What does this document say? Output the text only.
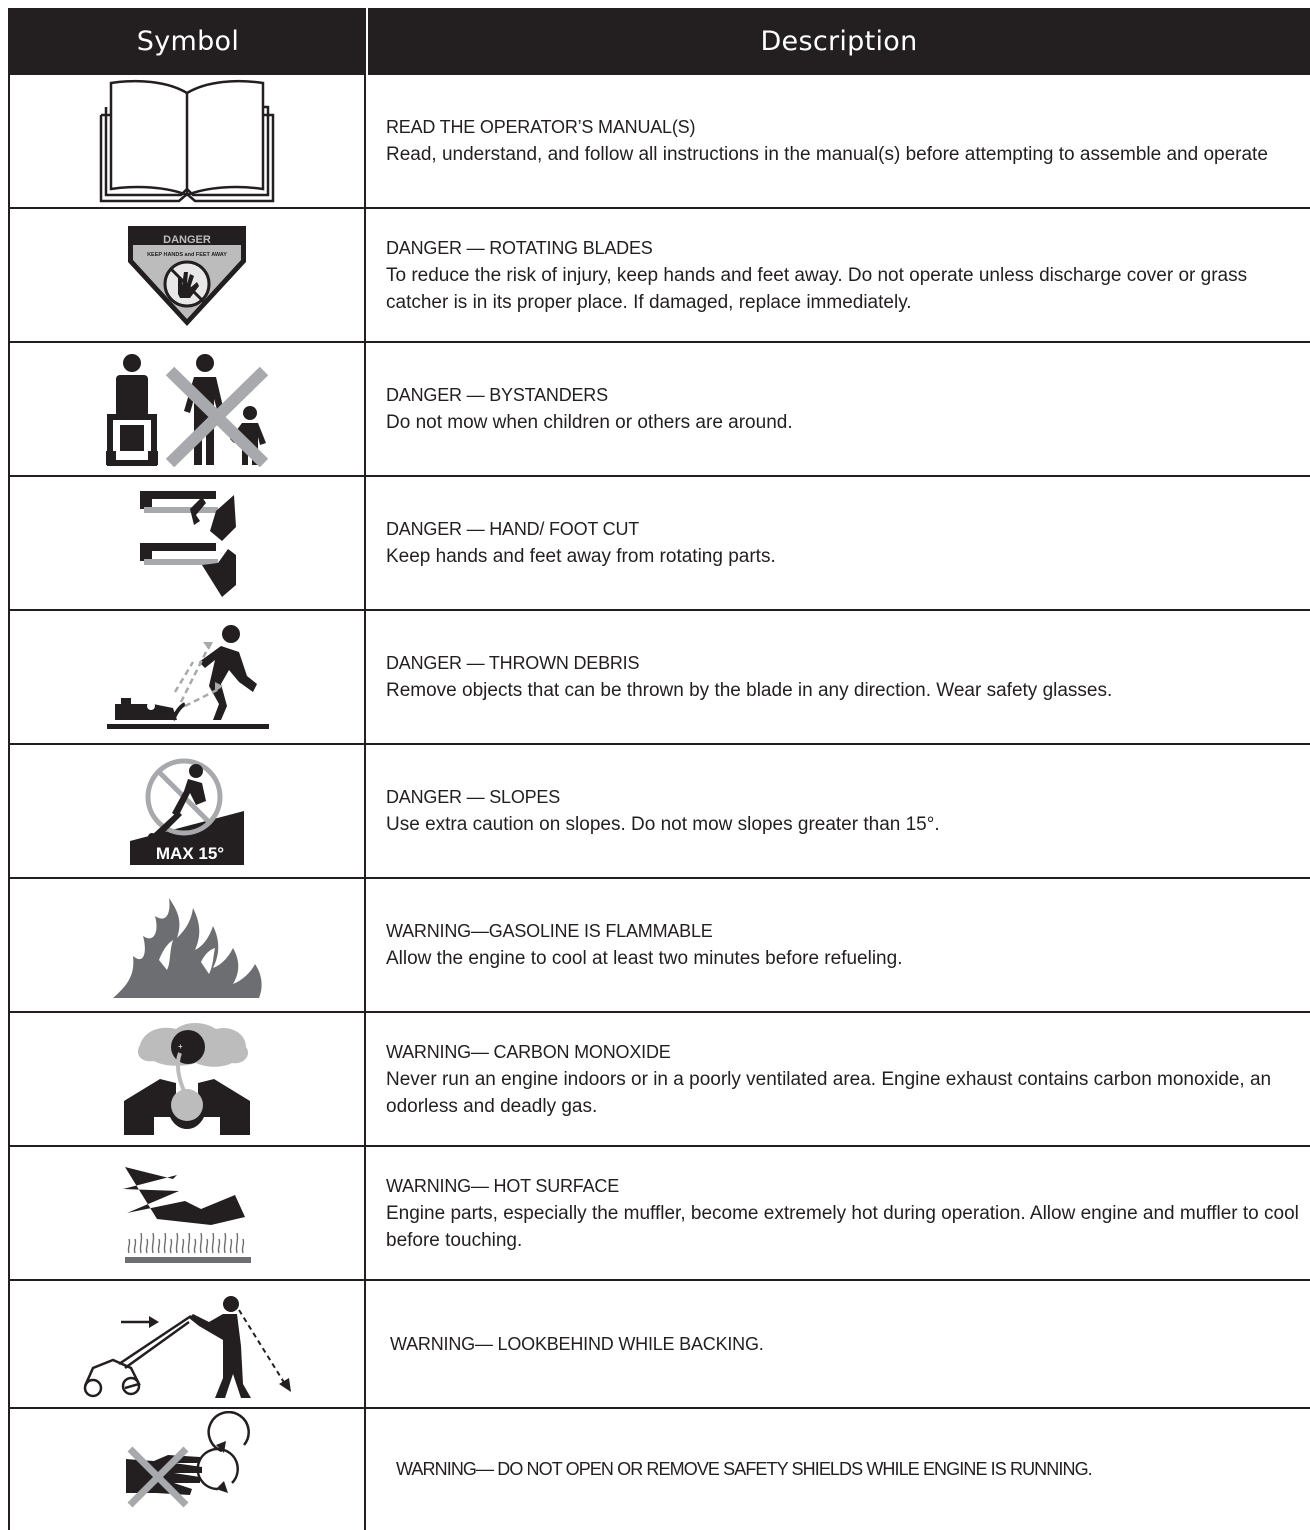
Symbol	Description
READ THE OPERATOR’S MANUAL(S)
Read, understand, and follow all instructions in the manual(s) before attempting to assemble and operate
DANGER
KEEP HANDS and FEET AWAY	DANGER — ROTATING BLADES
To reduce the risk of injury, keep hands and feet away. Do not operate unless discharge cover or grass catcher is in its proper place. If damaged, replace immediately.
DANGER — BYSTANDERS
Do not mow when children or others are around.
DANGER — HAND/ FOOT CUT
Keep hands and feet away from rotating parts.
DANGER — THROWN DEBRIS
Remove objects that can be thrown by the blade in any direction. Wear safety glasses.
MAX 15°
DANGER — SLOPES
Use extra caution on slopes. Do not mow slopes greater than 15°.
WARNING—GASOLINE IS FLAMMABLE
Allow the engine to cool at least two minutes before refueling.
+	WARNING— CARBON MONOXIDE
Never run an engine indoors or in a poorly ventilated area. Engine exhaust contains carbon monoxide, an odorless and deadly gas.
WARNING— HOT SURFACE
Engine parts, especially the muffler, become extremely hot during operation. Allow engine and muffler to cool before touching.
WARNING— LOOKBEHIND WHILE BACKING.
WARNING— DO NOT OPEN OR REMOVE SAFETY SHIELDS WHILE ENGINE IS RUNNING.
